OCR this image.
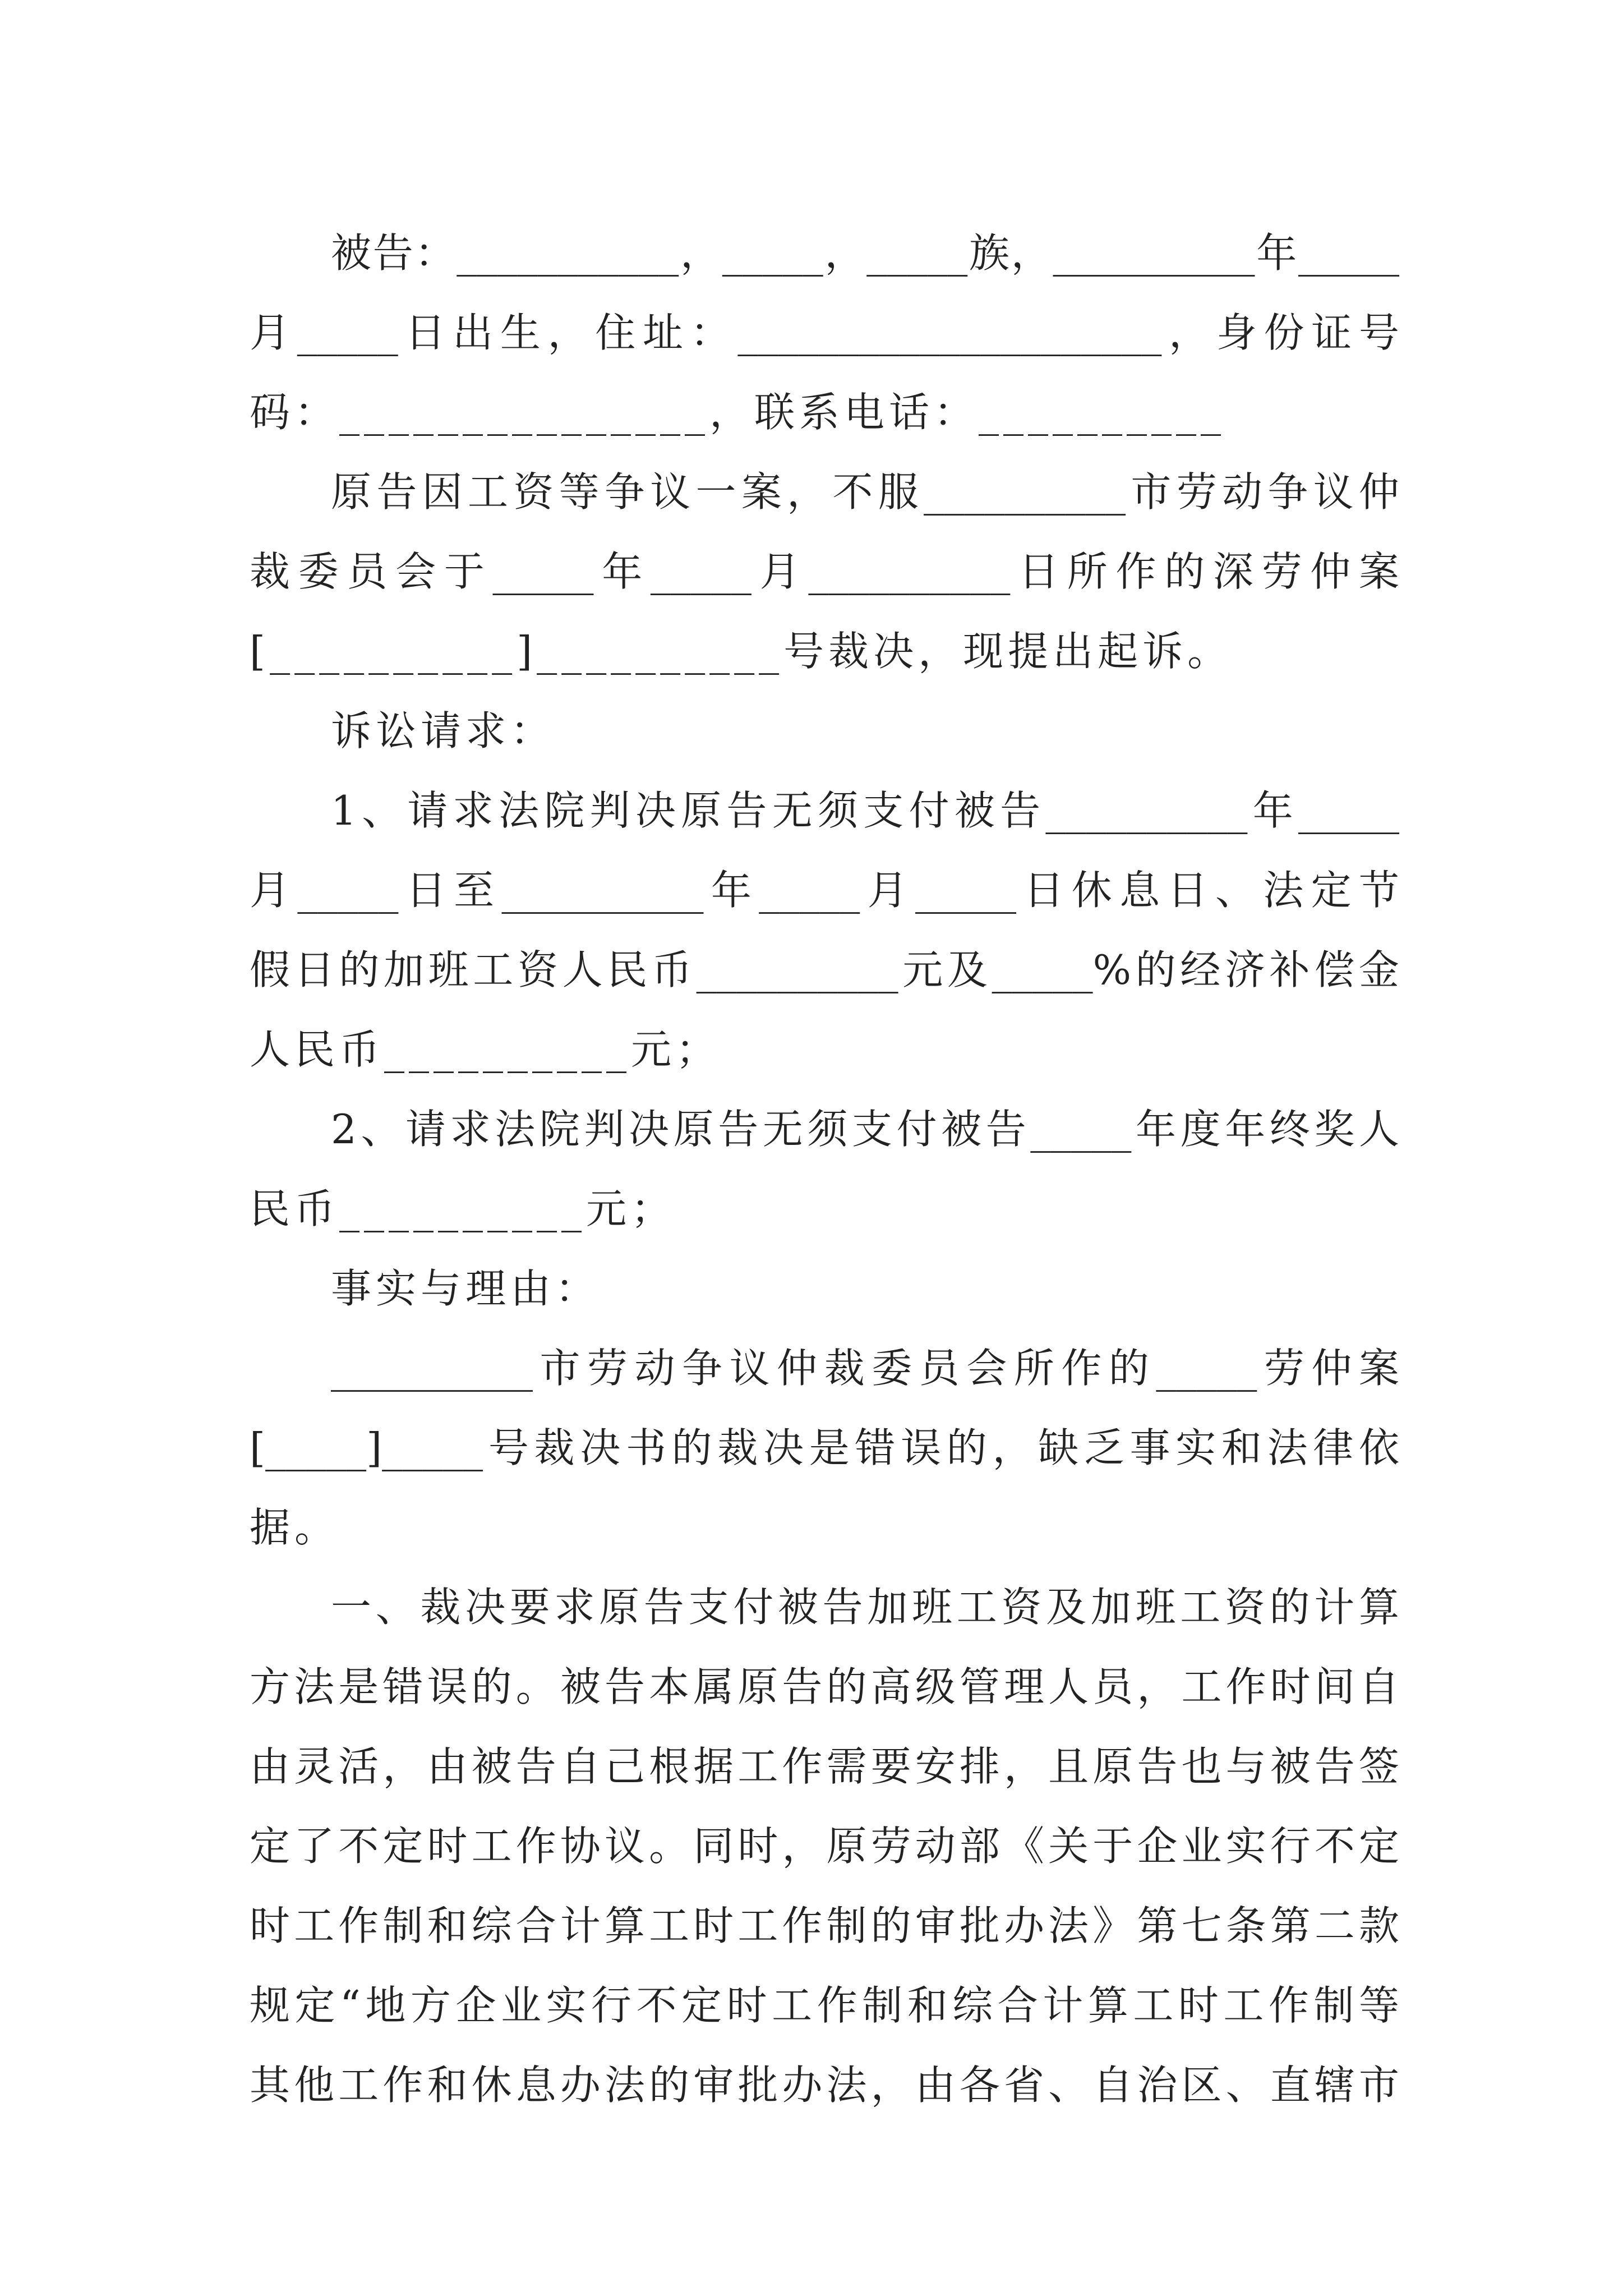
被告：___________，_____，_____族，__________年_____
月_____日出生，住址：_____________________，身份证号
码：_______________，联系电话：__________
原告因工资等争议一案，不服__________市劳动争议仲
裁委员会于_____年_____月__________日所作的深劳仲案
[__________]__________号裁决，现提出起诉。
诉讼请求：
1、请求法院判决原告无须支付被告__________年_____
月_____日至__________年_____月_____日休息日、法定节
假日的加班工资人民币__________元及_____%的经济补偿金
人民币__________元；
2、请求法院判决原告无须支付被告_____年度年终奖人
民币__________元；
事实与理由：
__________市劳动争议仲裁委员会所作的_____劳仲案
[_____]_____号裁决书的裁决是错误的，缺乏事实和法律依
据。
一、裁决要求原告支付被告加班工资及加班工资的计算
方法是错误的。被告本属原告的高级管理人员，工作时间自
由灵活，由被告自己根据工作需要安排，且原告也与被告签
定了不定时工作协议。同时，原劳动部《关于企业实行不定
时工作制和综合计算工时工作制的审批办法》第七条第二款
规定“地方企业实行不定时工作制和综合计算工时工作制等
其他工作和休息办法的审批办法，由各省、自治区、直辖市
